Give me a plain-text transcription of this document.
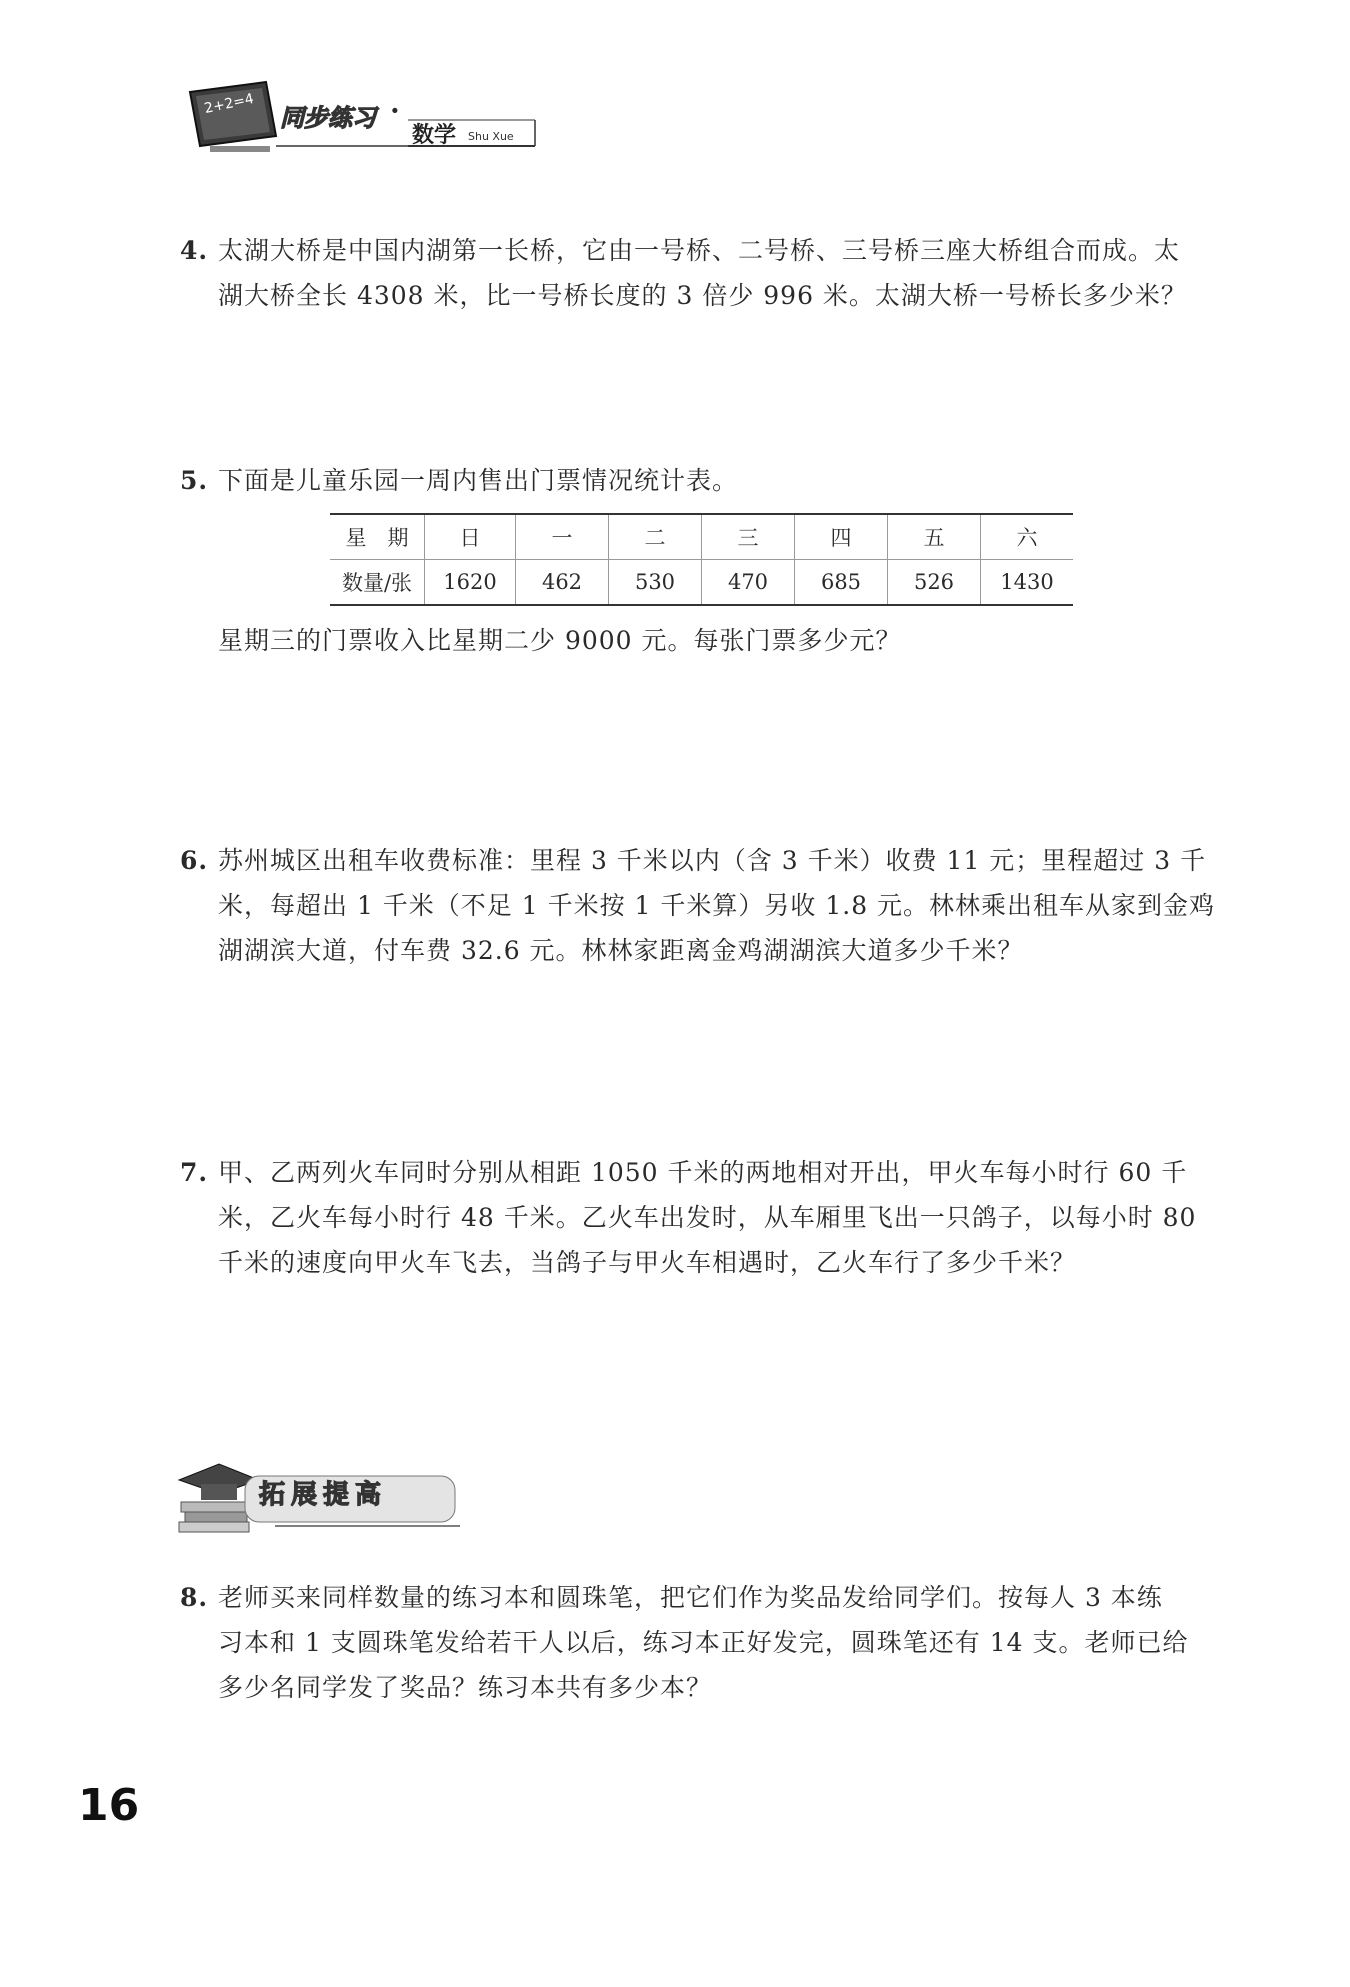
2+2=4 同步练习 ·
数学 Shu Xue
4. 太湖大桥是中国内湖第一长桥，它由一号桥、二号桥、三号桥三座大桥组合而成。太
湖大桥全长 4308 米，比一号桥长度的 3 倍少 996 米。太湖大桥一号桥长多少米？
5. 下面是儿童乐园一周内售出门票情况统计表。
星　期	日	一	二	三	四	五	六
数量/张	1620	462	530	470	685	526	1430
星期三的门票收入比星期二少 9000 元。每张门票多少元？
6. 苏州城区出租车收费标准：里程 3 千米以内（含 3 千米）收费 11 元；里程超过 3 千
米，每超出 1 千米（不足 1 千米按 1 千米算）另收 1.8 元。林林乘出租车从家到金鸡
湖湖滨大道，付车费 32.6 元。林林家距离金鸡湖湖滨大道多少千米？
7. 甲、乙两列火车同时分别从相距 1050 千米的两地相对开出，甲火车每小时行 60 千
米，乙火车每小时行 48 千米。乙火车出发时，从车厢里飞出一只鸽子，以每小时 80
千米的速度向甲火车飞去，当鸽子与甲火车相遇时，乙火车行了多少千米？
拓展提高
8. 老师买来同样数量的练习本和圆珠笔，把它们作为奖品发给同学们。按每人 3 本练
习本和 1 支圆珠笔发给若干人以后，练习本正好发完，圆珠笔还有 14 支。老师已给
多少名同学发了奖品？练习本共有多少本？
16
